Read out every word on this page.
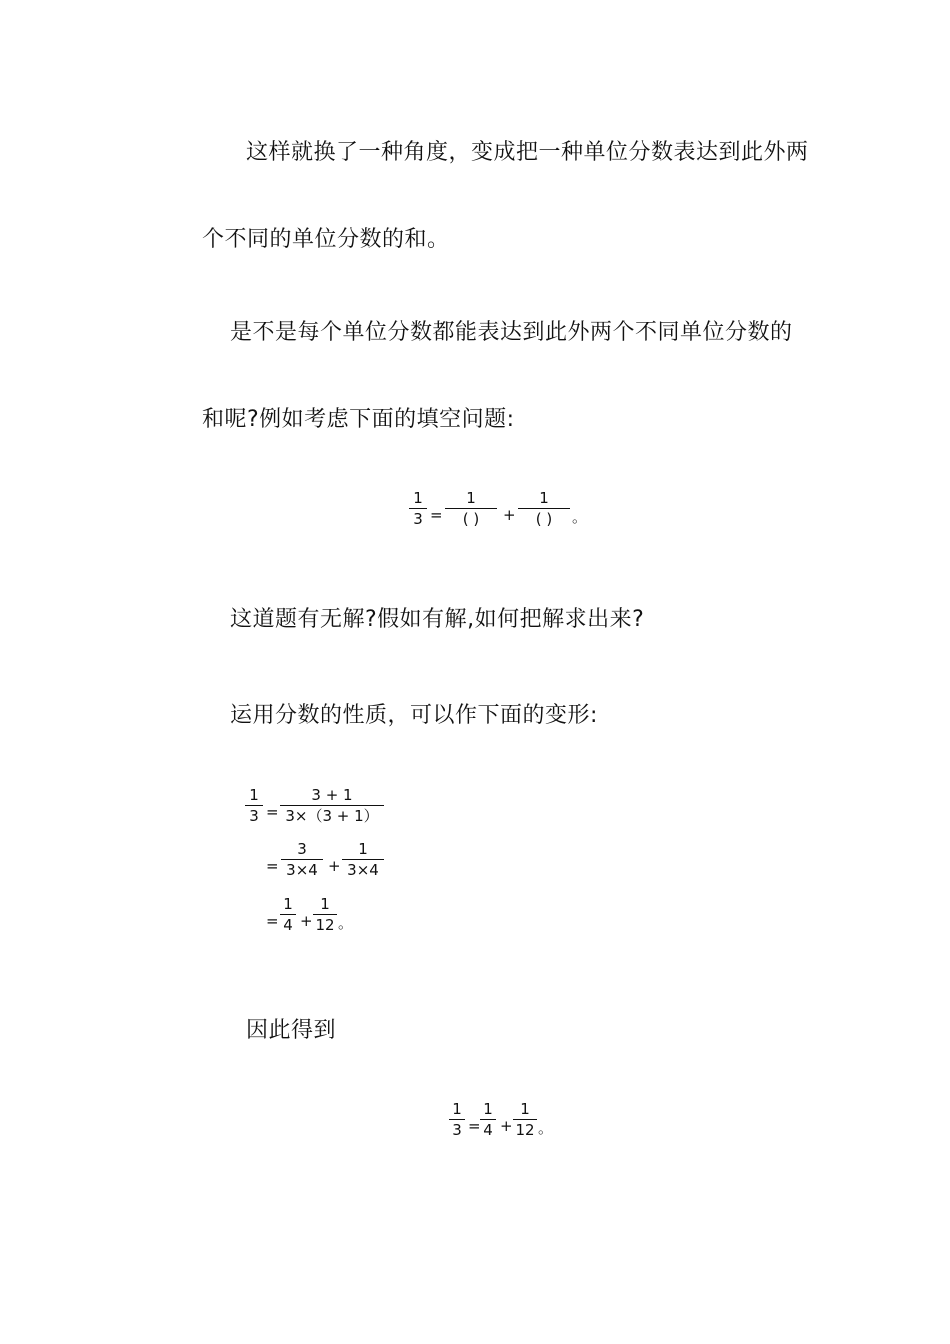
这样就换了一种角度，变成把一种单位分数表达到此外两
个不同的单位分数的和。
是不是每个单位分数都能表达到此外两个不同单位分数的
和呢?例如考虑下面的填空问题:
$\frac{1}{3}$ =
1
( )	+
1
( )	。
这道题有无解?假如有解,如何把解求出来?
运用分数的性质，可以作下面的变形:
$\frac{1}{3} = \frac{3 + 1}{3\times(3 + 1)}$
= $\frac{3}{3\times 4} + \frac{1}{3\times 4}$
= $\frac{1}{4} + \frac{1}{12}$ 。
因此得到
$\frac{1}{3} = \frac{1}{4} + \frac{1}{12}$ 。
